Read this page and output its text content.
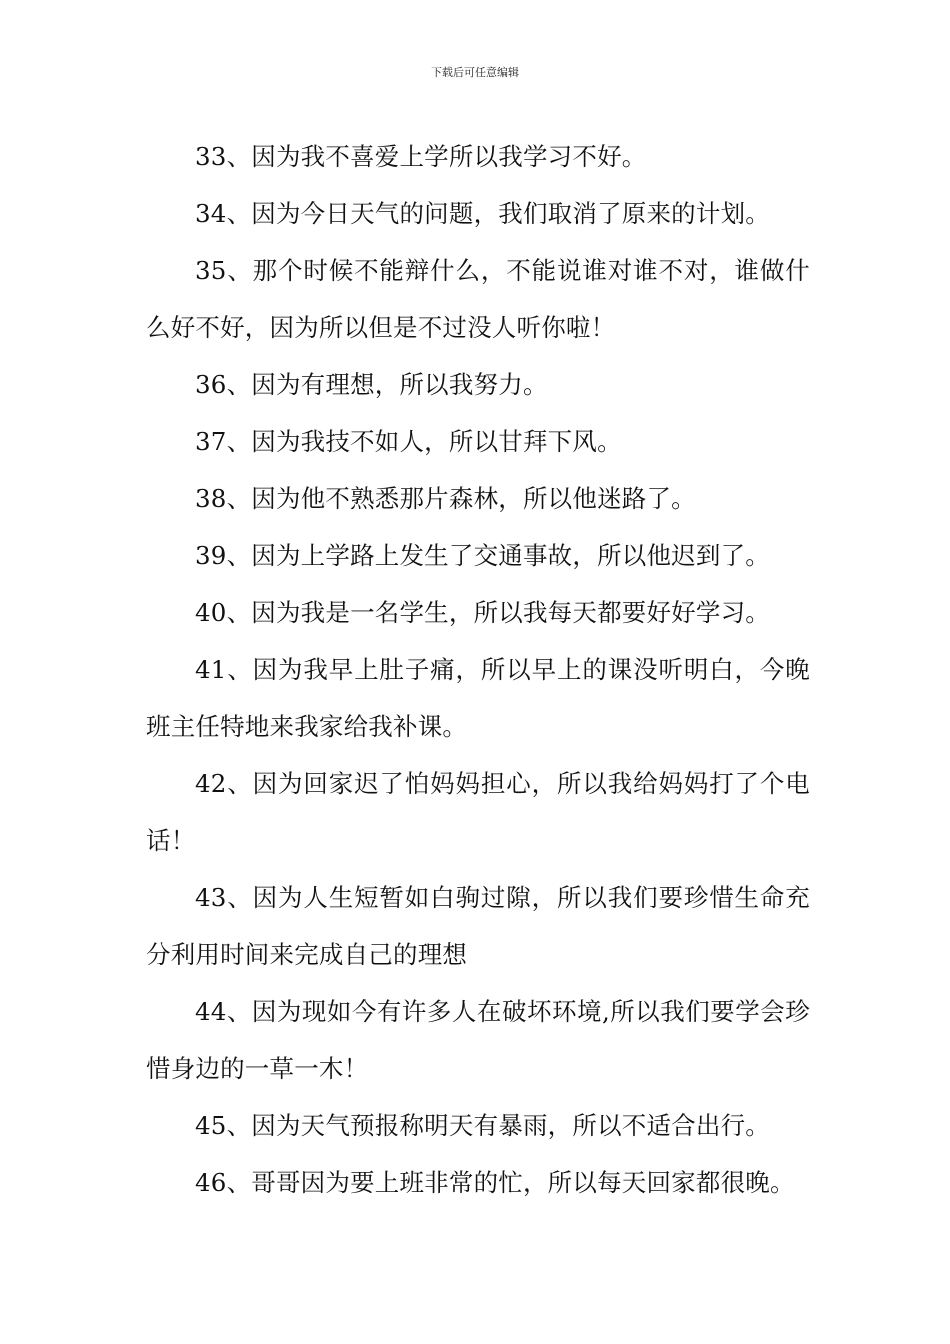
下载后可任意编辑

33、因为我不喜爱上学所以我学习不好。

34、因为今日天气的问题，我们取消了原来的计划。

35、那个时候不能辩什么，不能说谁对谁不对，谁做什么好不好，因为所以但是不过没人听你啦！

36、因为有理想，所以我努力。

37、因为我技不如人，所以甘拜下风。

38、因为他不熟悉那片森林，所以他迷路了。

39、因为上学路上发生了交通事故，所以他迟到了。

40、因为我是一名学生，所以我每天都要好好学习。

41、因为我早上肚子痛，所以早上的课没听明白，今晚班主任特地来我家给我补课。

42、因为回家迟了怕妈妈担心，所以我给妈妈打了个电话！

43、因为人生短暂如白驹过隙，所以我们要珍惜生命充分利用时间来完成自己的理想

44、因为现如今有许多人在破坏环境,所以我们要学会珍惜身边的一草一木！

45、因为天气预报称明天有暴雨，所以不适合出行。

46、哥哥因为要上班非常的忙，所以每天回家都很晚。
